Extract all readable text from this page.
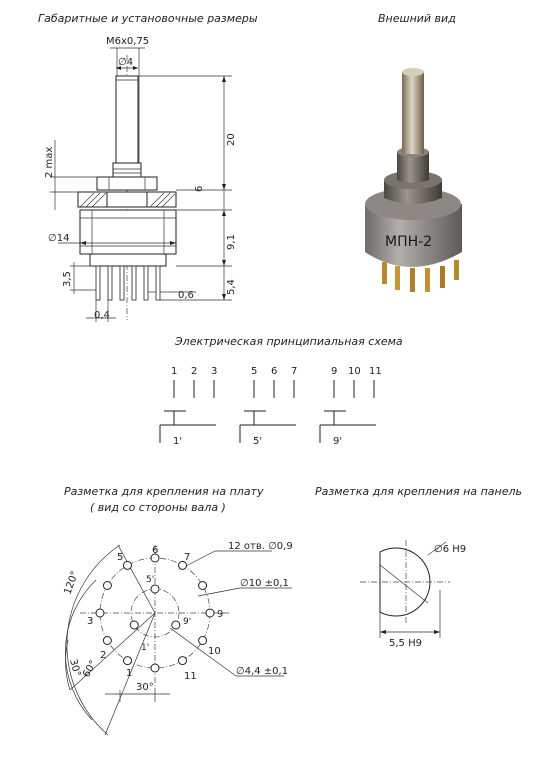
Габаритные и установочные размеры	Внешний вид
Электрическая принципиальная схема
Разметка для крепления на плату
( вид со стороны вала )
Разметка для крепления на панель
M6x0,75
∅4
20
2 max
6
∅14	9,1
3,5
5,4
0,6
0,4
МПН-2
1 2 3
1'
5 6 7
5'
9 10 11
9'
12 отв. ∅0,9
∅10 ±0,1
∅4,4 ±0,1
120°
60°
30°
30°
1
2
3
5
6
7
9
10
11
1'
5'
9'
∅6 H9
5,5 H9
